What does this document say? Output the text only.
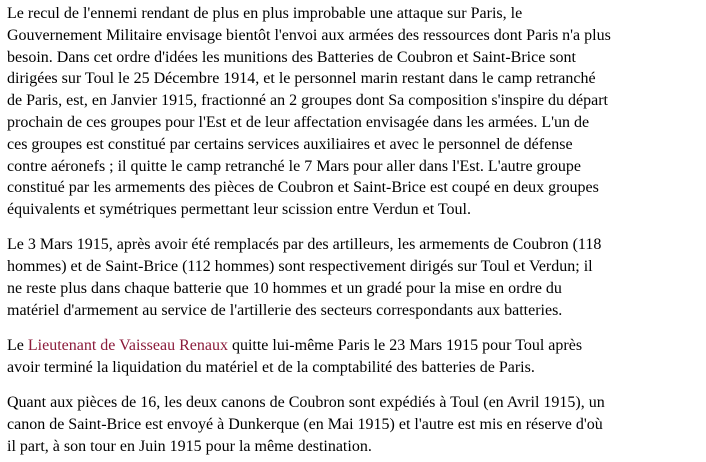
Le recul de l'ennemi rendant de plus en plus improbable une attaque sur Paris, le
Gouvernement Militaire envisage bientôt l'envoi aux armées des ressources dont Paris n'a plus
besoin. Dans cet ordre d'idées les munitions des Batteries de Coubron et Saint-Brice sont
dirigées sur Toul le 25 Décembre 1914, et le personnel marin restant dans le camp retranché
de Paris, est, en Janvier 1915, fractionné an 2 groupes dont Sa composition s'inspire du départ
prochain de ces groupes pour l'Est et de leur affectation envisagée dans les armées. L'un de
ces groupes est constitué par certains services auxiliaires et avec le personnel de défense
contre aéronefs ; il quitte le camp retranché le 7 Mars pour aller dans l'Est. L'autre groupe
constitué par les armements des pièces de Coubron et Saint-Brice est coupé en deux groupes
équivalents et symétriques permettant leur scission entre Verdun et Toul.

Le 3 Mars 1915, après avoir été remplacés par des artilleurs, les armements de Coubron (118
hommes) et de Saint-Brice (112 hommes) sont respectivement dirigés sur Toul et Verdun; il
ne reste plus dans chaque batterie que 10 hommes et un gradé pour la mise en ordre du
matériel d'armement au service de l'artillerie des secteurs correspondants aux batteries.

Le Lieutenant de Vaisseau Renaux quitte lui-même Paris le 23 Mars 1915 pour Toul après
avoir terminé la liquidation du matériel et de la comptabilité des batteries de Paris.

Quant aux pièces de 16, les deux canons de Coubron sont expédiés à Toul (en Avril 1915), un
canon de Saint-Brice est envoyé à Dunkerque (en Mai 1915) et l'autre est mis en réserve d'où
il part, à son tour en Juin 1915 pour la même destination.
